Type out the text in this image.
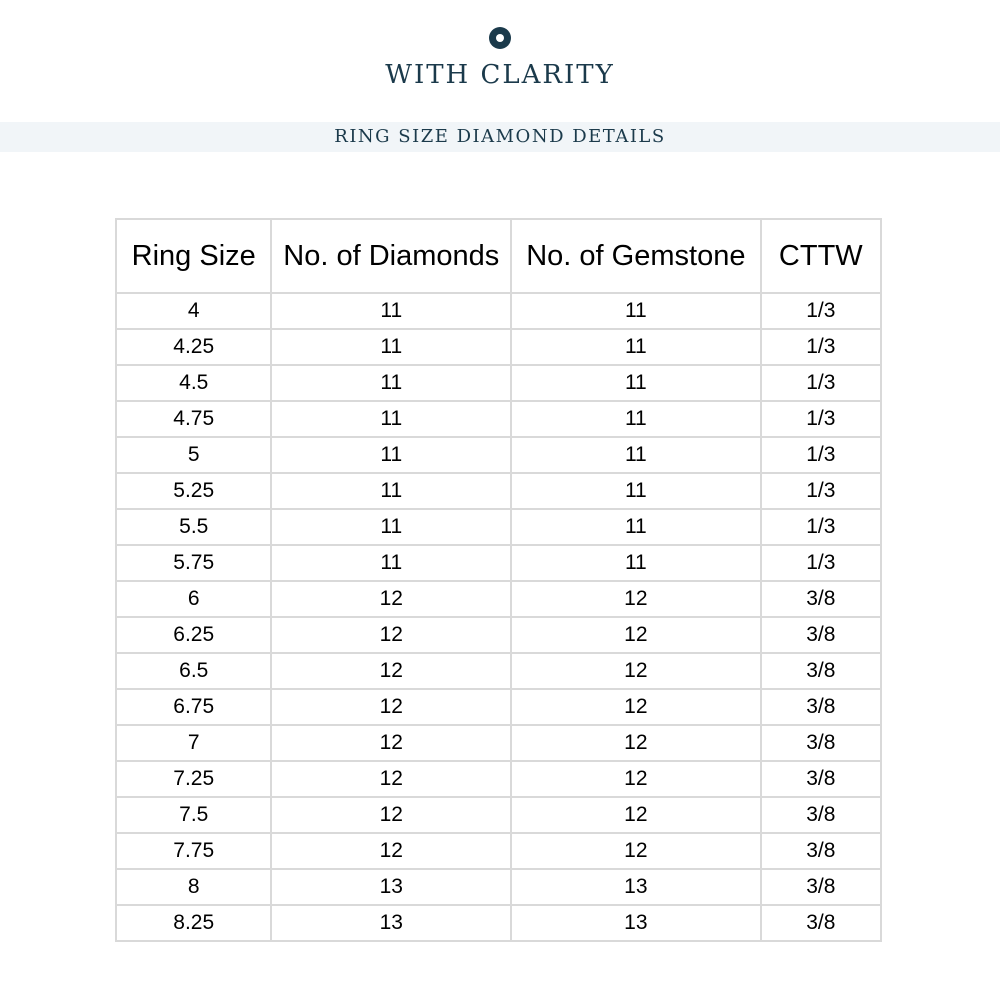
WITH CLARITY
RING SIZE DIAMOND DETAILS
Ring Size	No. of Diamonds	No. of Gemstone	CTTW
4	11	11	1/3
4.25	11	11	1/3
4.5	11	11	1/3
4.75	11	11	1/3
5	11	11	1/3
5.25	11	11	1/3
5.5	11	11	1/3
5.75	11	11	1/3
6	12	12	3/8
6.25	12	12	3/8
6.5	12	12	3/8
6.75	12	12	3/8
7	12	12	3/8
7.25	12	12	3/8
7.5	12	12	3/8
7.75	12	12	3/8
8	13	13	3/8
8.25	13	13	3/8
